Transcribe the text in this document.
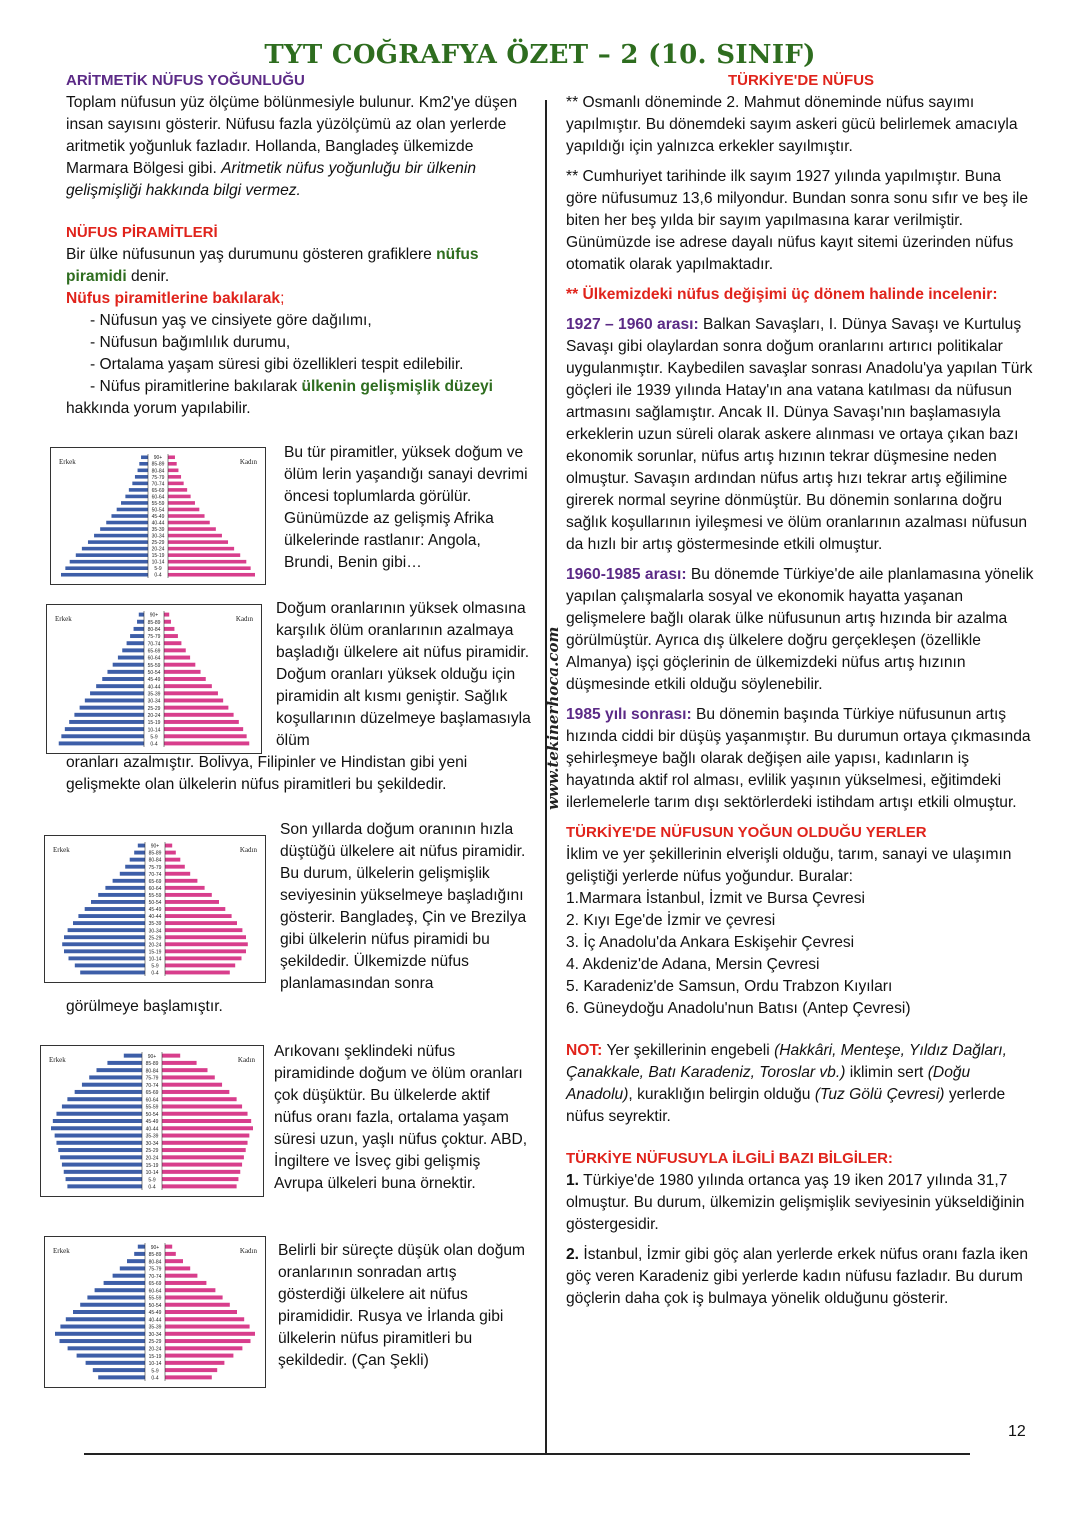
TYT COĞRAFYA ÖZET – 2 (10. SINIF)
www.tekinerhoca.com

ARİTMETİK NÜFUS YOĞUNLUĞU

Toplam nüfusun yüz ölçüme bölünmesiyle bulunur. Km2'ye düşen insan sayısını gösterir. Nüfusu fazla yüzölçümü az olan yerlerde aritmetik yoğunluk fazladır. Hollanda, Bangladeş ülkemizde Marmara Bölgesi gibi. Aritmetik nüfus yoğunluğu bir ülkenin gelişmişliği hakkında bilgi vermez.

NÜFUS PİRAMİTLERİ

Bir ülke nüfusunun yaş durumunu gösteren grafiklere nüfus piramidi denir.

Nüfus piramitlerine bakılarak;

- Nüfusun yaş ve cinsiyete göre dağılımı,

- Nüfusun bağımlılık durumu,

- Ortalama yaşam süresi gibi özellikleri tespit edilebilir.

- Nüfus piramitlerine bakılarak ülkenin gelişmişlik düzeyi hakkında yorum yapılabilir.

Erkek	Kadın
90+
85-89
80-84
75-79
70-74
65-69
60-64
55-59
50-54
45-49
40-44
35-39
30-34
25-29
20-24
15-19
10-14
5-9
0-4
Bu tür piramitler, yüksek doğum ve ölüm lerin yaşandığı sanayi devrimi öncesi toplumlarda görülür. Günümüzde az gelişmiş Afrika ülkelerinde rastlanır: Angola, Brundi, Benin gibi…
Erkek	Kadın
90+
85-89
80-84
75-79
70-74
65-69
60-64
55-59
50-54
45-49
40-44
35-39
30-34
25-29
20-24
15-19
10-14
5-9
0-4
Doğum oranlarının yüksek olmasına karşılık ölüm oranlarının azalmaya başladığı ülkelere ait nüfus piramidir. Doğum oranları yüksek olduğu için piramidin alt kısmı geniştir. Sağlık koşullarının düzelmeye başlamasıyla ölüm
oranları azalmıştır. Bolivya, Filipinler ve Hindistan gibi yeni gelişmekte olan ülkelerin nüfus piramitleri bu şekildedir.
Erkek	Kadın
90+
85-89
80-84
75-79
70-74
65-69
60-64
55-59
50-54
45-49
40-44
35-39
30-34
25-29
20-24
15-19
10-14
5-9
0-4
Son yıllarda doğum oranının hızla düştüğü ülkelere ait nüfus piramidir. Bu durum, ülkelerin gelişmişlik seviyesinin yükselmeye başladığını gösterir. Bangladeş, Çin ve Brezilya gibi ülkelerin nüfus piramidi bu şekildedir. Ülkemizde nüfus planlamasından sonra
görülmeye başlamıştır.
Erkek	Kadın
90+
85-89
80-84
75-79
70-74
65-69
60-64
55-59
50-54
45-49
40-44
35-39
30-34
25-29
20-24
15-19
10-14
5-9
0-4
Arıkovanı şeklindeki nüfus piramidinde doğum ve ölüm oranları çok düşüktür. Bu ülkelerde aktif nüfus oranı fazla, ortalama yaşam süresi uzun, yaşlı nüfus çoktur. ABD, İngiltere ve İsveç gibi gelişmiş Avrupa ülkeleri buna örnektir.
Erkek	Kadın
90+
85-89
80-84
75-79
70-74
65-69
60-64
55-59
50-54
45-49
40-44
35-39
30-34
25-29
20-24
15-19
10-14
5-9
0-4
Belirli bir süreçte düşük olan doğum oranlarının sonradan artış gösterdiği ülkelere ait nüfus piramididir. Rusya ve İrlanda gibi ülkelerin nüfus piramitleri bu şekildedir. (Çan Şekli)

TÜRKİYE'DE NÜFUS

** Osmanlı döneminde 2. Mahmut döneminde nüfus sayımı yapılmıştır. Bu dönemdeki sayım askeri gücü belirlemek amacıyla yapıldığı için yalnızca erkekler sayılmıştır.

** Cumhuriyet tarihinde ilk sayım 1927 yılında yapılmıştır. Buna göre nüfusumuz 13,6 milyondur. Bundan sonra sonu sıfır ve beş ile biten her beş yılda bir sayım yapılmasına karar verilmiştir. Günümüzde ise adrese dayalı nüfus kayıt sitemi üzerinden nüfus otomatik olarak yapılmaktadır.

** Ülkemizdeki nüfus değişimi üç dönem halinde incelenir:

1927 – 1960 arası: Balkan Savaşları, I. Dünya Savaşı ve Kurtuluş Savaşı gibi olaylardan sonra doğum oranlarını artırıcı politikalar uygulanmıştır. Kaybedilen savaşlar sonrası Anadolu'ya yapılan Türk göçleri ile 1939 yılında Hatay'ın ana vatana katılması da nüfusun artmasını sağlamıştır. Ancak II. Dünya Savaşı'nın başlamasıyla erkeklerin uzun süreli olarak askere alınması ve ortaya çıkan bazı ekonomik sorunlar, nüfus artış hızının tekrar düşmesine neden olmuştur. Savaşın ardından nüfus artış hızı tekrar artış eğilimine girerek normal seyrine dönmüştür. Bu dönemin sonlarına doğru sağlık koşullarının iyileşmesi ve ölüm oranlarının azalması nüfusun da hızlı bir artış göstermesinde etkili olmuştur.

1960-1985 arası: Bu dönemde Türkiye'de aile planlamasına yönelik yapılan çalışmalarla sosyal ve ekonomik hayatta yaşanan gelişmelere bağlı olarak ülke nüfusunun artış hızında bir azalma görülmüştür. Ayrıca dış ülkelere doğru gerçekleşen (özellikle Almanya) işçi göçlerinin de ülkemizdeki nüfus artış hızının düşmesinde etkili olduğu söylenebilir.

1985 yılı sonrası: Bu dönemin başında Türkiye nüfusunun artış hızında ciddi bir düşüş yaşanmıştır. Bu durumun ortaya çıkmasında şehirleşmeye bağlı olarak değişen aile yapısı, kadınların iş hayatında aktif rol alması, evlilik yaşının yükselmesi, eğitimdeki ilerlemelerle tarım dışı sektörlerdeki istihdam artışı etkili olmuştur.

TÜRKİYE'DE NÜFUSUN YOĞUN OLDUĞU YERLER

İklim ve yer şekillerinin elverişli olduğu, tarım, sanayi ve ulaşımın geliştiği yerlerde nüfus yoğundur. Buralar:

1.Marmara İstanbul, İzmit ve Bursa Çevresi

2. Kıyı Ege'de İzmir ve çevresi

3. İç Anadolu'da Ankara Eskişehir Çevresi

4. Akdeniz'de Adana, Mersin Çevresi

5. Karadeniz'de Samsun, Ordu Trabzon Kıyıları

6. Güneydoğu Anadolu'nun Batısı (Antep Çevresi)

NOT: Yer şekillerinin engebeli (Hakkâri, Menteşe, Yıldız Dağları, Çanakkale, Batı Karadeniz, Toroslar vb.) iklimin sert (Doğu Anadolu), kuraklığın belirgin olduğu (Tuz Gölü Çevresi) yerlerde nüfus seyrektir.

TÜRKİYE NÜFUSUYLA İLGİLİ BAZI BİLGİLER:

1. Türkiye'de 1980 yılında ortanca yaş 19 iken 2017 yılında 31,7 olmuştur. Bu durum, ülkemizin gelişmişlik seviyesinin yükseldiğinin göstergesidir.

2. İstanbul, İzmir gibi göç alan yerlerde erkek nüfus oranı fazla iken göç veren Karadeniz gibi yerlerde kadın nüfusu fazladır. Bu durum göçlerin daha çok iş bulmaya yönelik olduğunu gösterir.

12
